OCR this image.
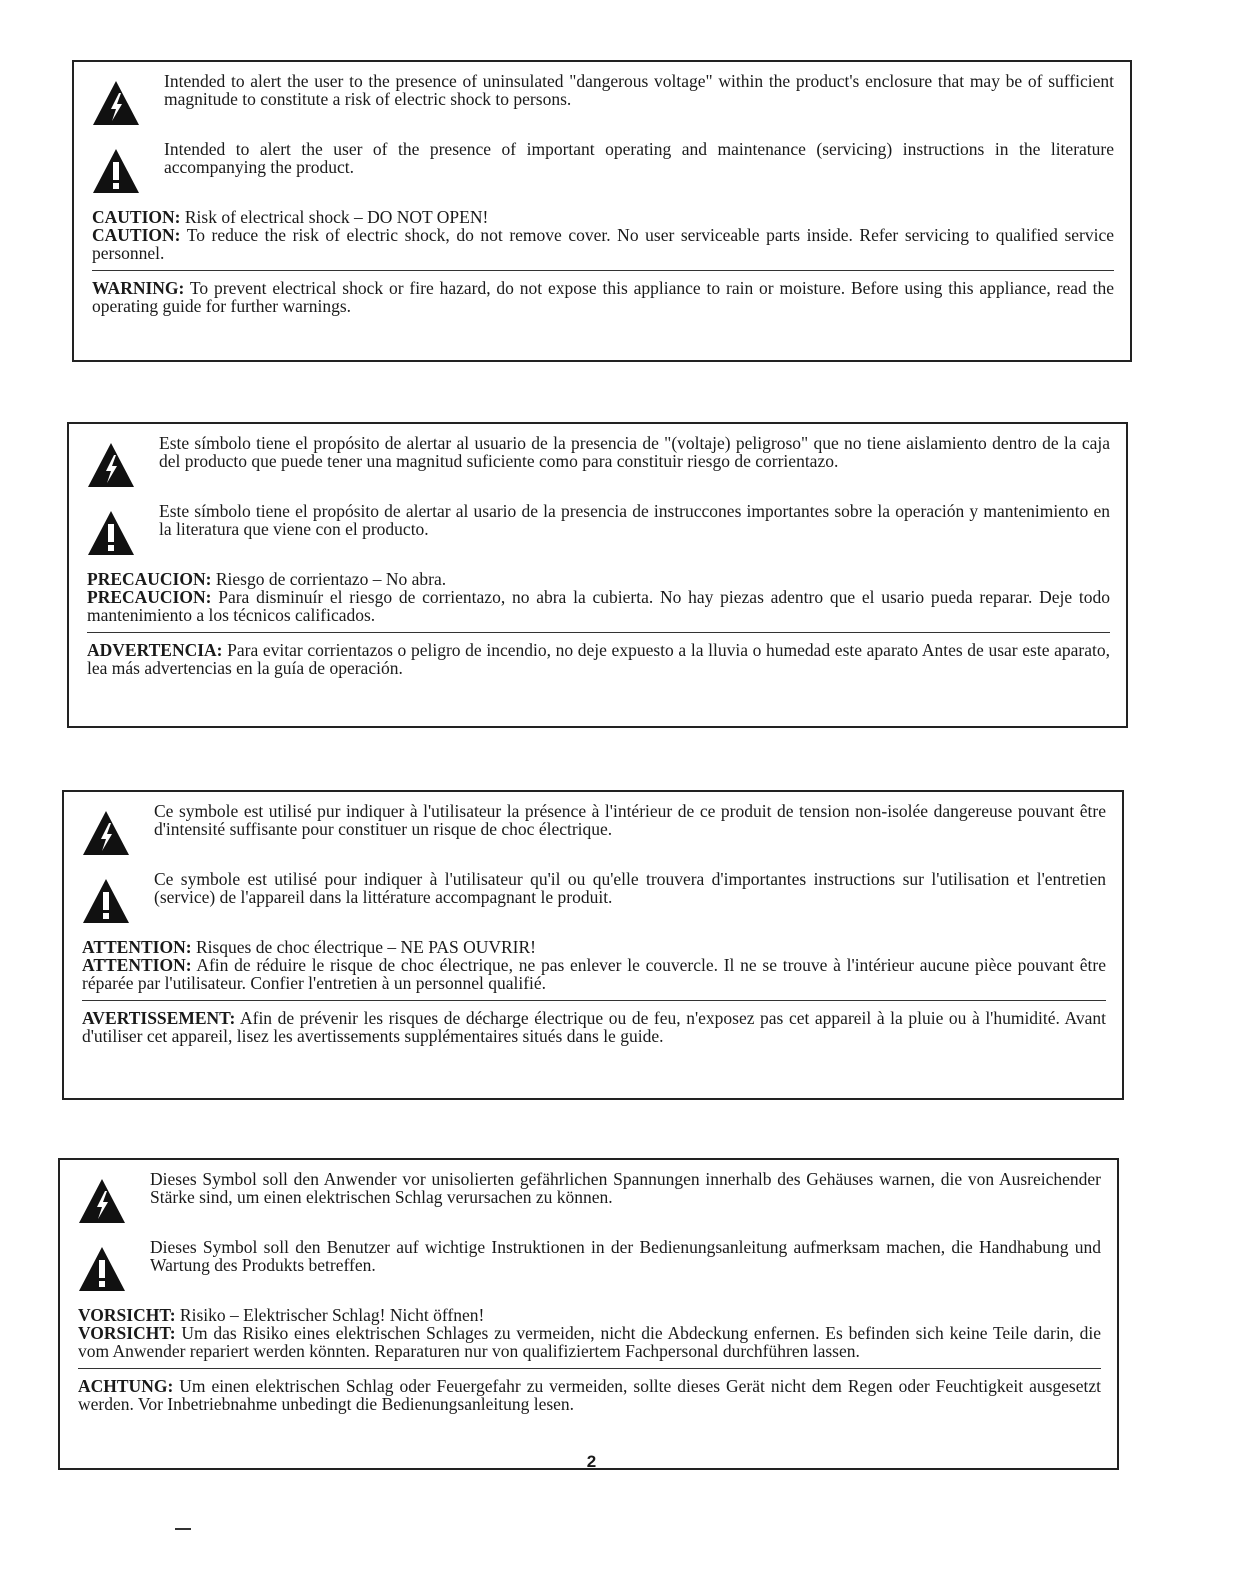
Intended to alert the user to the presence of uninsulated "dangerous voltage" within the product's enclosure that may be of sufficient magnitude to constitute a risk of electric shock to persons.
Intended to alert the user of the presence of important operating and maintenance (servicing) instructions in the literature accompanying the product.

CAUTION: Risk of electrical shock – DO NOT OPEN!

CAUTION: To reduce the risk of electric shock, do not remove cover. No user serviceable parts inside. Refer servicing to qualified service personnel.

WARNING: To prevent electrical shock or fire hazard, do not expose this appliance to rain or moisture. Before using this appliance, read the operating guide for further warnings.

Este símbolo tiene el propósito de alertar al usuario de la presencia de "(voltaje) peligroso" que no tiene aislamiento dentro de la caja del producto que puede tener una magnitud suficiente como para constituir riesgo de corrientazo.
Este símbolo tiene el propósito de alertar al usario de la presencia de instruccones importantes sobre la operación y mantenimiento en la literatura que viene con el producto.

PRECAUCION: Riesgo de corrientazo – No abra.

PRECAUCION: Para disminuír el riesgo de corrientazo, no abra la cubierta. No hay piezas adentro que el usario pueda reparar. Deje todo mantenimiento a los técnicos calificados.

ADVERTENCIA: Para evitar corrientazos o peligro de incendio, no deje expuesto a la lluvia o humedad este aparato Antes de usar este aparato, lea más advertencias en la guía de operación.

Ce symbole est utilisé pur indiquer à l'utilisateur la présence à l'intérieur de ce produit de tension non-isolée dangereuse pouvant être d'intensité suffisante pour constituer un risque de choc électrique.
Ce symbole est utilisé pour indiquer à l'utilisateur qu'il ou qu'elle trouvera d'importantes instructions sur l'utilisation et l'entretien (service) de l'appareil dans la littérature accompagnant le produit.

ATTENTION: Risques de choc électrique – NE PAS OUVRIR!

ATTENTION: Afin de réduire le risque de choc électrique, ne pas enlever le couvercle. Il ne se trouve à l'intérieur aucune pièce pouvant être réparée par l'utilisateur. Confier l'entretien à un personnel qualifié.

AVERTISSEMENT: Afin de prévenir les risques de décharge électrique ou de feu, n'exposez pas cet appareil à la pluie ou à l'humidité. Avant d'utiliser cet appareil, lisez les avertissements supplémentaires situés dans le guide.

Dieses Symbol soll den Anwender vor unisolierten gefährlichen Spannungen innerhalb des Gehäuses warnen, die von Ausreichender Stärke sind, um einen elektrischen Schlag verursachen zu können.
Dieses Symbol soll den Benutzer auf wichtige Instruktionen in der Bedienungsanleitung aufmerksam machen, die Handhabung und Wartung des Produkts betreffen.

VORSICHT: Risiko – Elektrischer Schlag! Nicht öffnen!

VORSICHT: Um das Risiko eines elektrischen Schlages zu vermeiden, nicht die Abdeckung enfernen. Es befinden sich keine Teile darin, die vom Anwender repariert werden könnten. Reparaturen nur von qualifiziertem Fachpersonal durchführen lassen.

ACHTUNG: Um einen elektrischen Schlag oder Feuergefahr zu vermeiden, sollte dieses Gerät nicht dem Regen oder Feuchtigkeit ausgesetzt werden. Vor Inbetriebnahme unbedingt die Bedienungsanleitung lesen.

2
